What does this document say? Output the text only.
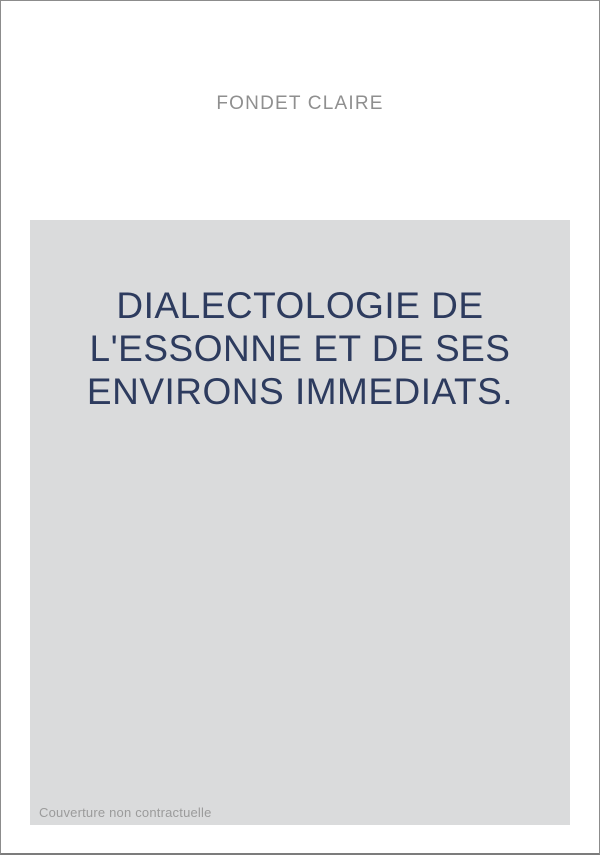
FONDET CLAIRE
DIALECTOLOGIE DE
L'ESSONNE ET DE SES
ENVIRONS IMMEDIATS.
Couverture non contractuelle
